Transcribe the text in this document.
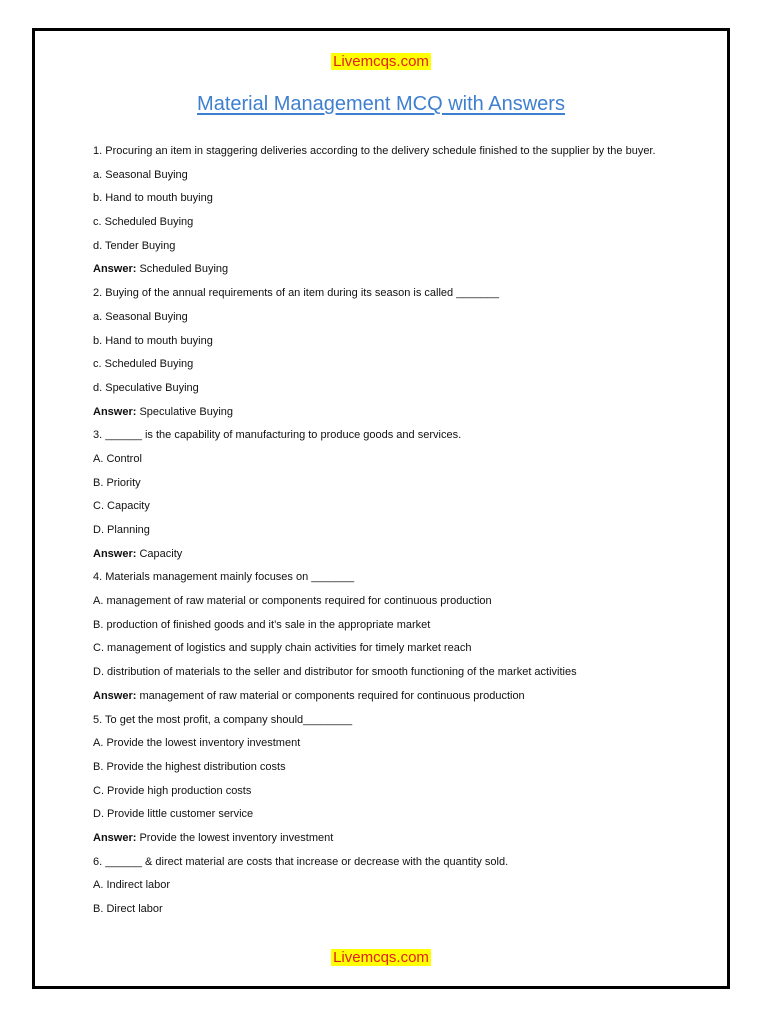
Livemcqs.com
Material Management MCQ with Answers
1. Procuring an item in staggering deliveries according to the delivery schedule finished to the supplier by the buyer.
a. Seasonal Buying
b. Hand to mouth buying
c. Scheduled Buying
d. Tender Buying
Answer: Scheduled Buying
2. Buying of the annual requirements of an item during its season is called _______
a. Seasonal Buying
b. Hand to mouth buying
c. Scheduled Buying
d. Speculative Buying
Answer: Speculative Buying
3. ______ is the capability of manufacturing to produce goods and services.
A. Control
B. Priority
C. Capacity
D. Planning
Answer: Capacity
4. Materials management mainly focuses on _______
A. management of raw material or components required for continuous production
B. production of finished goods and it’s sale in the appropriate market
C. management of logistics and supply chain activities for timely market reach
D. distribution of materials to the seller and distributor for smooth functioning of the market activities
Answer: management of raw material or components required for continuous production
5. To get the most profit, a company should________
A. Provide the lowest inventory investment
B. Provide the highest distribution costs
C. Provide high production costs
D. Provide little customer service
Answer: Provide the lowest inventory investment
6. ______ & direct material are costs that increase or decrease with the quantity sold.
A. Indirect labor
B. Direct labor
Livemcqs.com
